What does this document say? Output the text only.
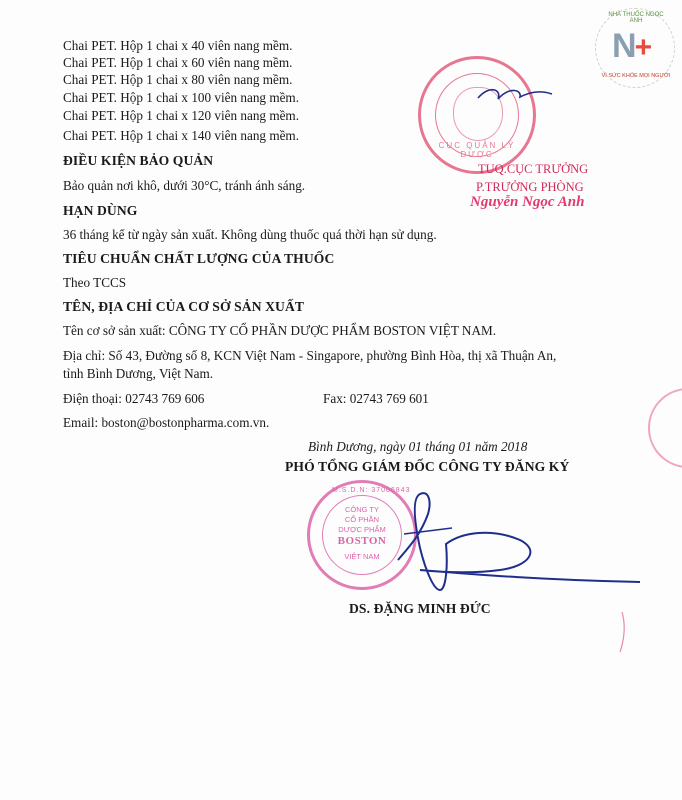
NHÀ THUỐC NGỌC ANH
N+
VÌ SỨC KHỎE MỌI NGƯỜI
Chai PET. Hộp 1 chai x 40 viên nang mềm.
Chai PET. Hộp 1 chai x 60 viên nang mềm.
Chai PET. Hộp 1 chai x 80 viên nang mềm.
Chai PET. Hộp 1 chai x 100 viên nang mềm.
Chai PET. Hộp 1 chai x 120 viên nang mềm.
Chai PET. Hộp 1 chai x 140 viên nang mềm.
ĐIỀU KIỆN BẢO QUẢN
Bảo quản nơi khô, dưới 30°C, tránh ánh sáng.
HẠN DÙNG
36 tháng kể từ ngày sản xuất. Không dùng thuốc quá thời hạn sử dụng.
TIÊU CHUẨN CHẤT LƯỢNG CỦA THUỐC
Theo TCCS
TÊN, ĐỊA CHỈ CỦA CƠ SỞ SẢN XUẤT
Tên cơ sở sản xuất: CÔNG TY CỔ PHẦN DƯỢC PHẨM BOSTON VIỆT NAM.
Địa chỉ: Số 43, Đường số 8, KCN Việt Nam - Singapore, phường Bình Hòa, thị xã Thuận An,
tỉnh Bình Dương, Việt Nam.
Điện thoại: 02743 769 606	Fax: 02743 769 601
Email: boston@bostonpharma.com.vn.
CỤC QUẢN LÝ DƯỢC
TUQ.CỤC TRƯỞNG
P.TRƯỞNG PHÒNG
Nguyễn Ngọc Anh
Bình Dương, ngày 01 tháng 01 năm 2018
PHÓ TỔNG GIÁM ĐỐC CÔNG TY ĐĂNG KÝ
M.S.D.N: 37006843
CÔNG TY
CỔ PHẦN
DƯỢC PHẨM
BOSTON
VIỆT NAM
DS. ĐẶNG MINH ĐỨC
